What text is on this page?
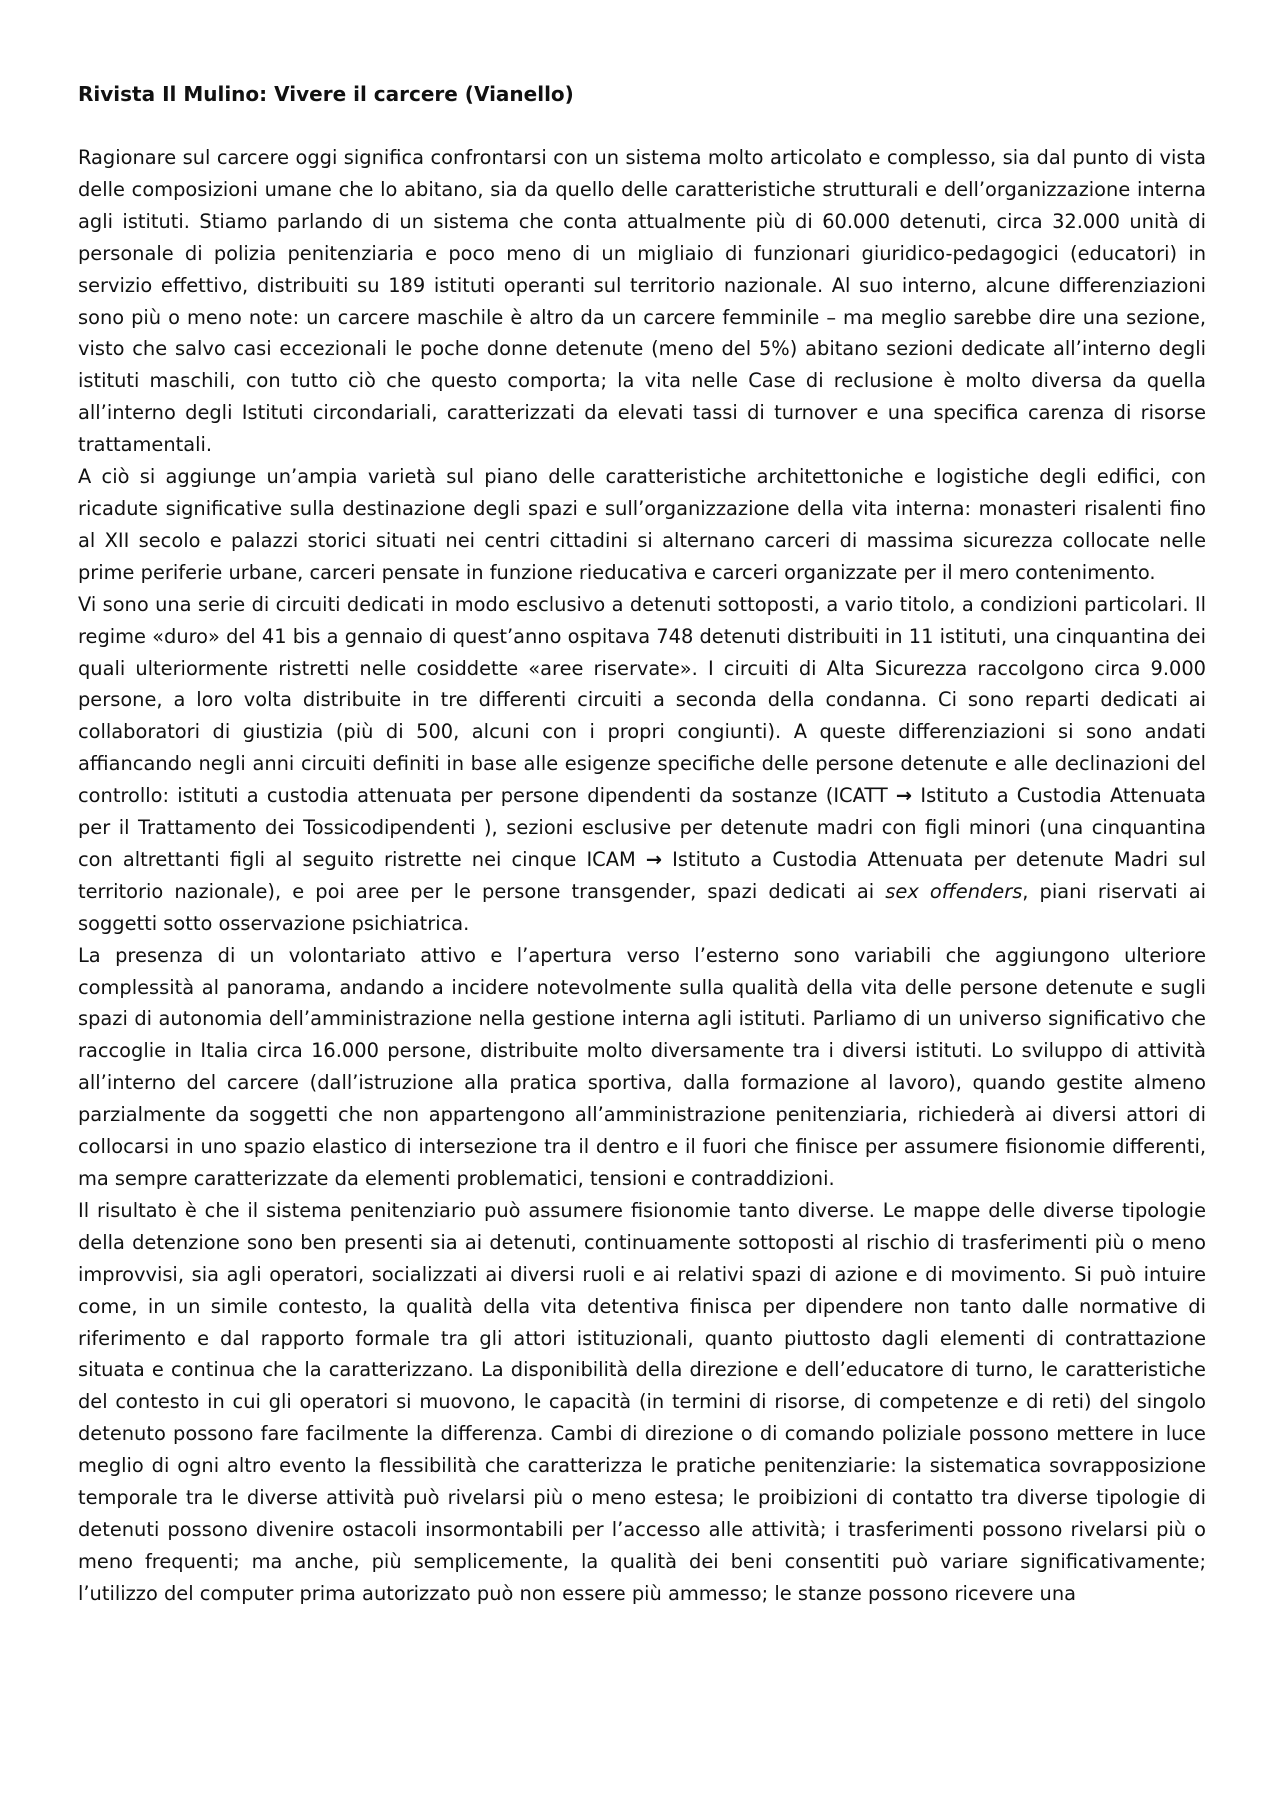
Rivista Il Mulino: Vivere il carcere (Vianello)

Ragionare sul carcere oggi significa confrontarsi con un sistema molto articolato e complesso, sia dal punto di vista delle composizioni umane che lo abitano, sia da quello delle caratteristiche strutturali e dell’organizzazione interna agli istituti. Stiamo parlando di un sistema che conta attualmente più di 60.000 detenuti, circa 32.000 unità di personale di polizia penitenziaria e poco meno di un migliaio di funzionari giuridico-pedagogici (educatori) in servizio effettivo, distribuiti su 189 istituti operanti sul territorio nazionale. Al suo interno, alcune differenziazioni sono più o meno note: un carcere maschile è altro da un carcere femminile – ma meglio sarebbe dire una sezione, visto che salvo casi eccezionali le poche donne detenute (meno del 5%) abitano sezioni dedicate all’interno degli istituti maschili, con tutto ciò che questo comporta; la vita nelle Case di reclusione è molto diversa da quella all’interno degli Istituti circondariali, caratterizzati da elevati tassi di turnover e una specifica carenza di risorse trattamentali.

A ciò si aggiunge un’ampia varietà sul piano delle caratteristiche architettoniche e logistiche degli edifici, con ricadute significative sulla destinazione degli spazi e sull’organizzazione della vita interna: monasteri risalenti fino al XII secolo e palazzi storici situati nei centri cittadini si alternano carceri di massima sicurezza collocate nelle prime periferie urbane, carceri pensate in funzione rieducativa e carceri organizzate per il mero contenimento.

Vi sono una serie di circuiti dedicati in modo esclusivo a detenuti sottoposti, a vario titolo, a condizioni particolari. Il regime «duro» del 41 bis a gennaio di quest’anno ospitava 748 detenuti distribuiti in 11 istituti, una cinquantina dei quali ulteriormente ristretti nelle cosiddette «aree riservate». I circuiti di Alta Sicurezza raccolgono circa 9.000 persone, a loro volta distribuite in tre differenti circuiti a seconda della condanna. Ci sono reparti dedicati ai collaboratori di giustizia (più di 500, alcuni con i propri congiunti). A queste differenziazioni si sono andati affiancando negli anni circuiti definiti in base alle esigenze specifiche delle persone detenute e alle declinazioni del controllo: istituti a custodia attenuata per persone dipendenti da sostanze (ICATT → Istituto a Custodia Attenuata per il Trattamento dei Tossicodipendenti ), sezioni esclusive per detenute madri con figli minori (una cinquantina con altrettanti figli al seguito ristrette nei cinque ICAM → Istituto a Custodia Attenuata per detenute Madri sul territorio nazionale), e poi aree per le persone transgender, spazi dedicati ai sex offenders, piani riservati ai soggetti sotto osservazione psichiatrica.

La presenza di un volontariato attivo e l’apertura verso l’esterno sono variabili che aggiungono ulteriore complessità al panorama, andando a incidere notevolmente sulla qualità della vita delle persone detenute e sugli spazi di autonomia dell’amministrazione nella gestione interna agli istituti. Parliamo di un universo significativo che raccoglie in Italia circa 16.000 persone, distribuite molto diversamente tra i diversi istituti. Lo sviluppo di attività all’interno del carcere (dall’istruzione alla pratica sportiva, dalla formazione al lavoro), quando gestite almeno parzialmente da soggetti che non appartengono all’amministrazione penitenziaria, richiederà ai diversi attori di collocarsi in uno spazio elastico di intersezione tra il dentro e il fuori che finisce per assumere fisionomie differenti, ma sempre caratterizzate da elementi problematici, tensioni e contraddizioni.

Il risultato è che il sistema penitenziario può assumere fisionomie tanto diverse. Le mappe delle diverse tipologie della detenzione sono ben presenti sia ai detenuti, continuamente sottoposti al rischio di trasferimenti più o meno improvvisi, sia agli operatori, socializzati ai diversi ruoli e ai relativi spazi di azione e di movimento. Si può intuire come, in un simile contesto, la qualità della vita detentiva finisca per dipendere non tanto dalle normative di riferimento e dal rapporto formale tra gli attori istituzionali, quanto piuttosto dagli elementi di contrattazione situata e continua che la caratterizzano. La disponibilità della direzione e dell’educatore di turno, le caratteristiche del contesto in cui gli operatori si muovono, le capacità (in termini di risorse, di competenze e di reti) del singolo detenuto possono fare facilmente la differenza. Cambi di direzione o di comando poliziale possono mettere in luce meglio di ogni altro evento la flessibilità che caratterizza le pratiche penitenziarie: la sistematica sovrapposizione temporale tra le diverse attività può rivelarsi più o meno estesa; le proibizioni di contatto tra diverse tipologie di detenuti possono divenire ostacoli insormontabili per l’accesso alle attività; i trasferimenti possono rivelarsi più o meno frequenti; ma anche, più semplicemente, la qualità dei beni consentiti può variare significativamente; l’utilizzo del computer prima autorizzato può non essere più ammesso; le stanze possono ricevere una
